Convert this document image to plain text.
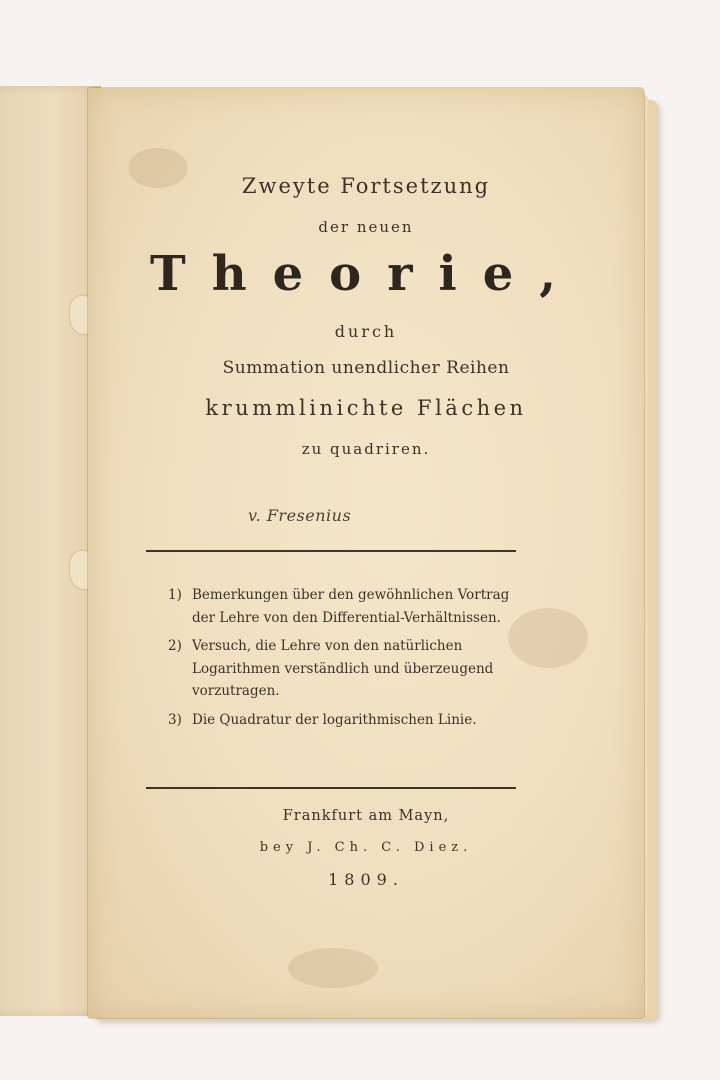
Zweyte Fortsetzung
der neuen
Theorie,
durch
Summation unendlicher Reihen
krummlinichte Flächen
zu quadriren.
v. Fresenius
1) Bemerkungen über den gewöhnlichen Vortrag der Lehre von den Differential-Verhältnissen.
2) Versuch, die Lehre von den natürlichen Logarithmen verständlich und überzeugend vorzutragen.
3) Die Quadratur der logarithmischen Linie.
Frankfurt am Mayn,
bey J. Ch. C. Diez.
1809.
